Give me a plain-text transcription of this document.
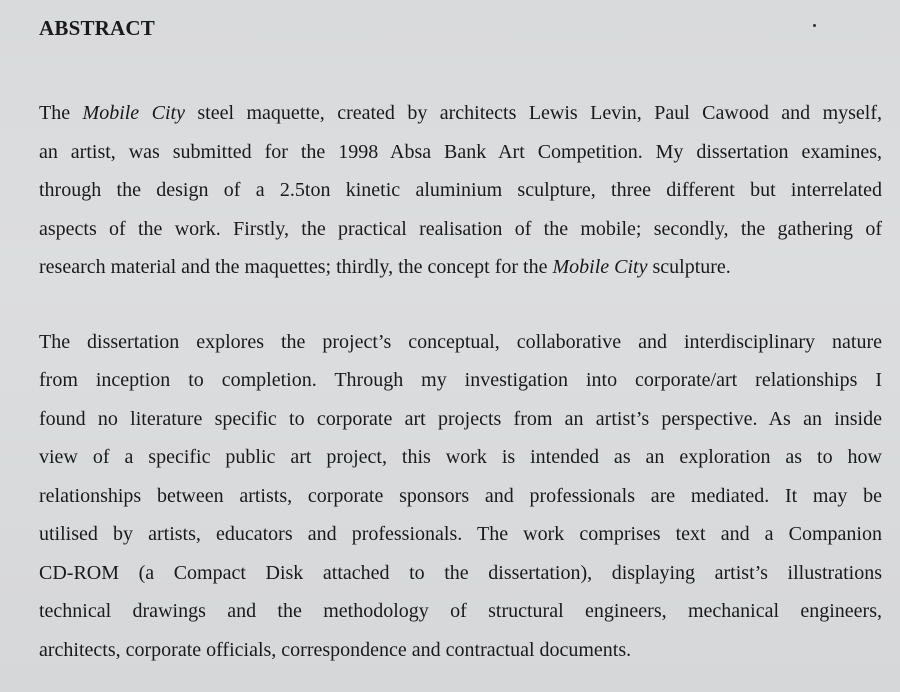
ABSTRACT
The Mobile City steel maquette, created by architects Lewis Levin, Paul Cawood and myself,
an artist, was submitted for the 1998 Absa Bank Art Competition. My dissertation examines,
through the design of a 2.5ton kinetic aluminium sculpture, three different but interrelated
aspects of the work. Firstly, the practical realisation of the mobile; secondly, the gathering of
research material and the maquettes; thirdly, the concept for the Mobile City sculpture.
The dissertation explores the project’s conceptual, collaborative and interdisciplinary nature
from inception to completion. Through my investigation into corporate/art relationships I
found no literature specific to corporate art projects from an artist’s perspective. As an inside
view of a specific public art project, this work is intended as an exploration as to how
relationships between artists, corporate sponsors and professionals are mediated. It may be
utilised by artists, educators and professionals. The work comprises text and a Companion
CD-ROM (a Compact Disk attached to the dissertation), displaying artist’s illustrations
technical drawings and the methodology of structural engineers, mechanical engineers,
architects, corporate officials, correspondence and contractual documents.
